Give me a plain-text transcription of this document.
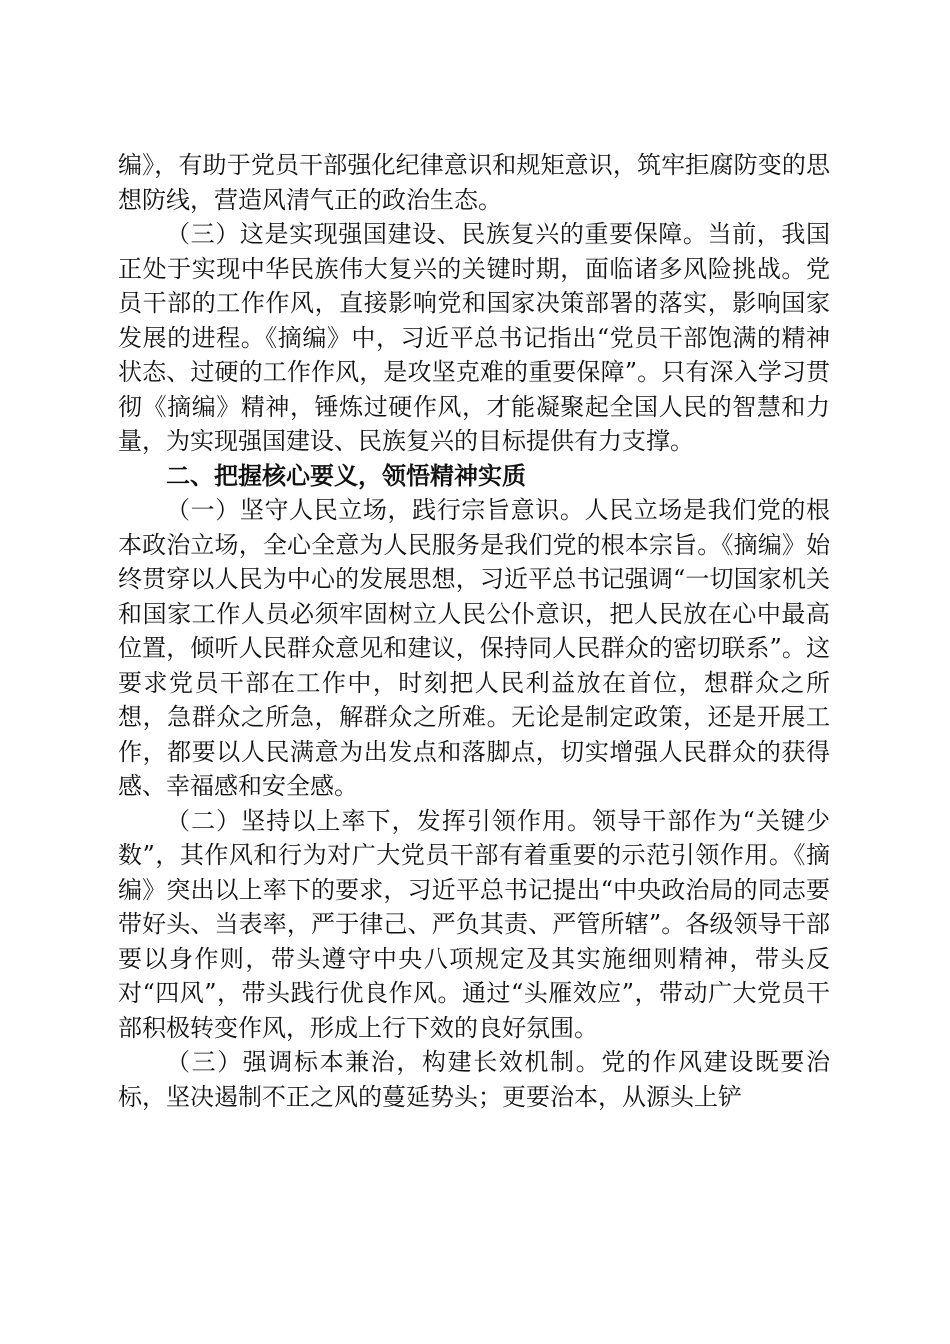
编》，有助于党员干部强化纪律意识和规矩意识，筑牢拒腐防变的思想防线，营造风清气正的政治生态。

（三）这是实现强国建设、民族复兴的重要保障。当前，我国正处于实现中华民族伟大复兴的关键时期，面临诸多风险挑战。党员干部的工作作风，直接影响党和国家决策部署的落实，影响国家发展的进程。《摘编》中，习近平总书记指出“党员干部饱满的精神状态、过硬的工作作风，是攻坚克难的重要保障”。只有深入学习贯彻《摘编》精神，锤炼过硬作风，才能凝聚起全国人民的智慧和力量，为实现强国建设、民族复兴的目标提供有力支撑。

二、把握核心要义，领悟精神实质

（一）坚守人民立场，践行宗旨意识。人民立场是我们党的根本政治立场，全心全意为人民服务是我们党的根本宗旨。《摘编》始终贯穿以人民为中心的发展思想，习近平总书记强调“一切国家机关和国家工作人员必须牢固树立人民公仆意识，把人民放在心中最高位置，倾听人民群众意见和建议，保持同人民群众的密切联系”。这要求党员干部在工作中，时刻把人民利益放在首位，想群众之所想，急群众之所急，解群众之所难。无论是制定政策，还是开展工作，都要以人民满意为出发点和落脚点，切实增强人民群众的获得感、幸福感和安全感。

（二）坚持以上率下，发挥引领作用。领导干部作为“关键少数”，其作风和行为对广大党员干部有着重要的示范引领作用。《摘编》突出以上率下的要求，习近平总书记提出“中央政治局的同志要带好头、当表率，严于律己、严负其责、严管所辖”。各级领导干部要以身作则，带头遵守中央八项规定及其实施细则精神，带头反对“四风”，带头践行优良作风。通过“头雁效应”，带动广大党员干部积极转变作风，形成上行下效的良好氛围。

（三）强调标本兼治，构建长效机制。党的作风建设既要治标，坚决遏制不正之风的蔓延势头；更要治本，从源头上铲
